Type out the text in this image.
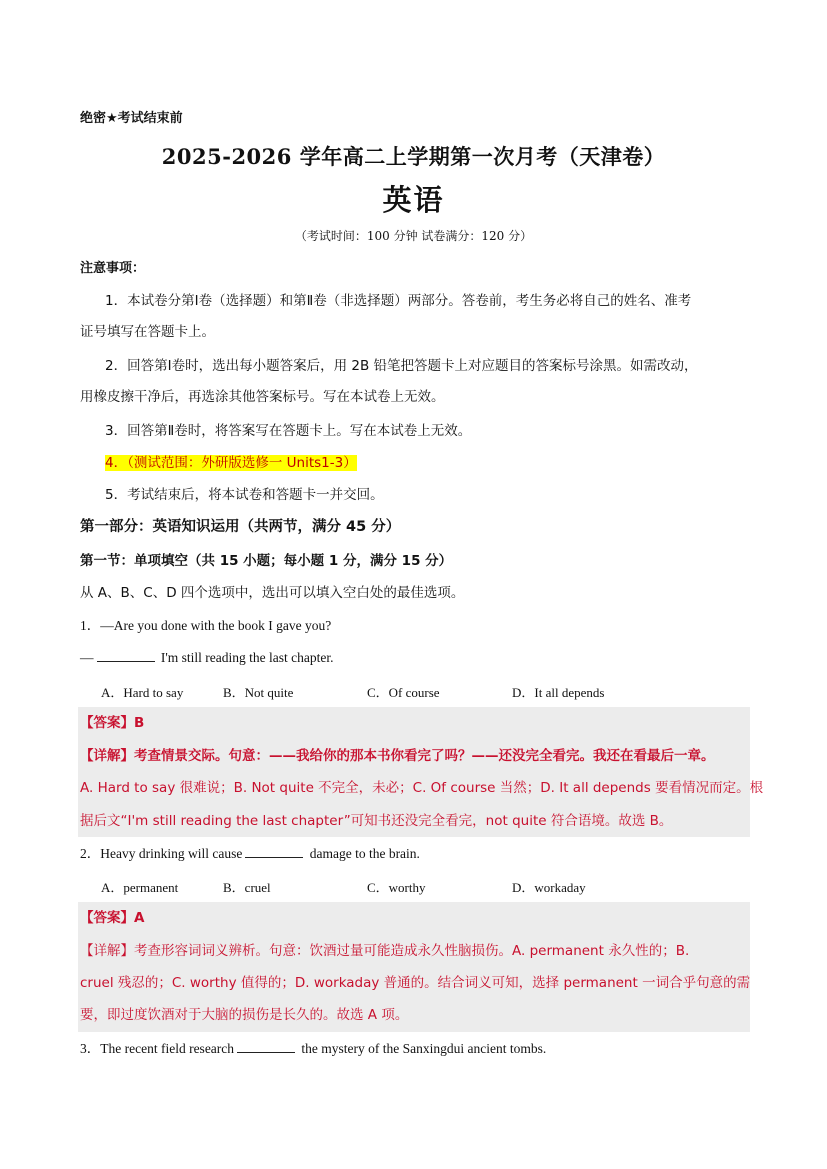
绝密★考试结束前
2025-2026 学年高二上学期第一次月考（天津卷）
英语
（考试时间：100 分钟 试卷满分：120 分）
注意事项：
1．本试卷分第Ⅰ卷（选择题）和第Ⅱ卷（非选择题）两部分。答卷前，考生务必将自己的姓名、准考
证号填写在答题卡上。
2．回答第Ⅰ卷时，选出每小题答案后，用 2B 铅笔把答题卡上对应题目的答案标号涂黑。如需改动，
用橡皮擦干净后，再选涂其他答案标号。写在本试卷上无效。
3．回答第Ⅱ卷时，将答案写在答题卡上。写在本试卷上无效。
4．（测试范围：外研版选修一 Units1-3）
5．考试结束后，将本试卷和答题卡一并交回。
第一部分：英语知识运用（共两节，满分 45 分）
第一节：单项填空（共 15 小题；每小题 1 分，满分 15 分）
从 A、B、C、D 四个选项中，选出可以填入空白处的最佳选项。
1．—Are you done with the book I gave you?
—	I'm still reading the last chapter.
A．Hard to say	B．Not quite	C．Of course	D．It all depends
【答案】B
【详解】考查情景交际。句意：——我给你的那本书你看完了吗？——还没完全看完。我还在看最后一章。
A. Hard to say 很难说；B. Not quite 不完全，未必；C. Of course 当然；D. It all depends 要看情况而定。根
据后文“I'm still reading the last chapter”可知书还没完全看完，not quite 符合语境。故选 B。
2．Heavy drinking will cause	damage to the brain.
A．permanent	B．cruel	C．worthy	D．workaday
【答案】A
【详解】考查形容词词义辨析。句意：饮酒过量可能造成永久性脑损伤。A. permanent 永久性的；B.
cruel 残忍的；C. worthy 值得的；D. workaday 普通的。结合词义可知，选择 permanent 一词合乎句意的需
要，即过度饮酒对于大脑的损伤是长久的。故选 A 项。
3．The recent field research	the mystery of the Sanxingdui ancient tombs.
